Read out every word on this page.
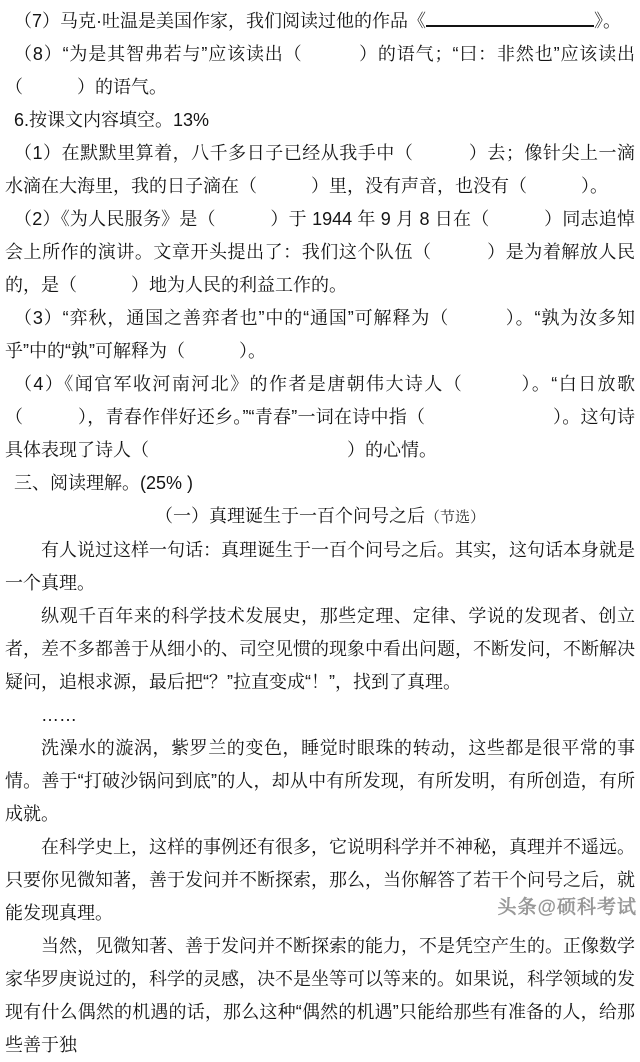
（7）马克·吐温是美国作家，我们阅读过他的作品《	》。
（8）“为是其智弗若与”应该读出（　　　）的语气；“曰：非然也”应该读出（　　　）的语气。
6.按课文内容填空。13%
（1）在默默里算着，八千多日子已经从我手中（　　　）去；像针尖上一滴水滴在大海里，我的日子滴在（　　　）里，没有声音，也没有（　　　）。
（2）《为人民服务》是（　　　）于 1944 年 9 月 8 日在（　　　）同志追悼会上所作的演讲。文章开头提出了：我们这个队伍（　　　）是为着解放人民的，是（　　　）地为人民的利益工作的。
（3）“弈秋，通国之善弈者也”中的“通国”可解释为（　　　）。“孰为汝多知乎”中的“孰”可解释为（　　　）。
（4）《闻官军收河南河北》的作者是唐朝伟大诗人（　　　）。“白日放歌（　　　），青春作伴好还乡。”“青春”一词在诗中指（　　　　　　　）。这句诗具体表现了诗人（　　　　　　　　　　　）的心情。
三、阅读理解。(25% )
（一）真理诞生于一百个问号之后（节选）
有人说过这样一句话：真理诞生于一百个问号之后。其实，这句话本身就是一个真理。
纵观千百年来的科学技术发展史，那些定理、定律、学说的发现者、创立者，差不多都善于从细小的、司空见惯的现象中看出问题，不断发问，不断解决疑问，追根求源，最后把“？”拉直变成“！”，找到了真理。
……
洗澡水的漩涡，紫罗兰的变色，睡觉时眼珠的转动，这些都是很平常的事情。善于“打破沙锅问到底”的人，却从中有所发现，有所发明，有所创造，有所成就。
在科学史上，这样的事例还有很多，它说明科学并不神秘，真理并不遥远。只要你见微知著，善于发问并不断探索，那么，当你解答了若干个问号之后，就能发现真理。
当然，见微知著、善于发问并不断探索的能力，不是凭空产生的。正像数学家华罗庚说过的，科学的灵感，决不是坐等可以等来的。如果说，科学领域的发现有什么偶然的机遇的话，那么这种“偶然的机遇”只能给那些有准备的人，给那些善于独
头条@硕科考试
